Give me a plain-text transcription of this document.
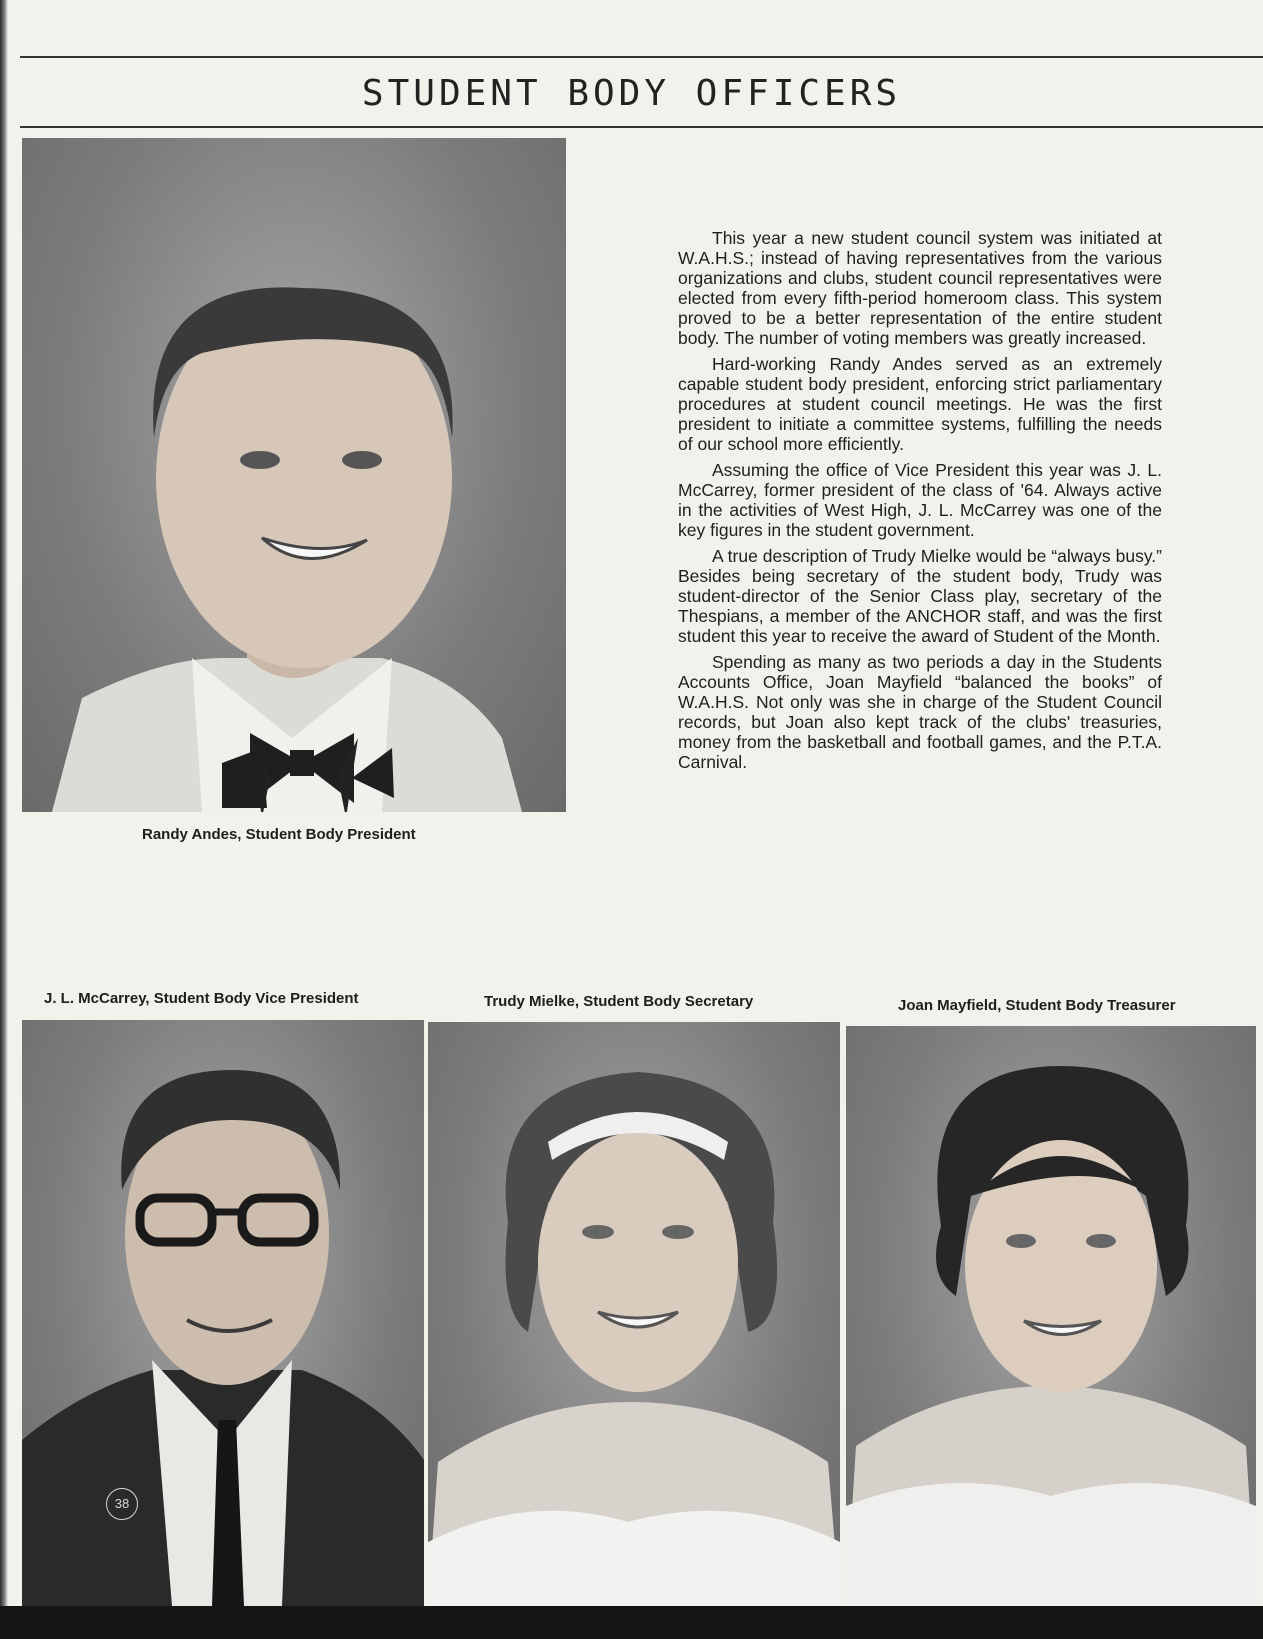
STUDENT BODY OFFICERS

Randy Andes, Student Body President

This year a new student council system was initiated at W.A.H.S.; instead of having representatives from the various organizations and clubs, student council representatives were elected from every fifth-period homeroom class. This system proved to be a better representation of the entire student body. The number of voting members was greatly increased.

Hard-working Randy Andes served as an extremely capable student body president, enforcing strict parliamentary procedures at student council meetings. He was the first president to initiate a committee systems, fulfilling the needs of our school more efficiently.

Assuming the office of Vice President this year was J. L. McCarrey, former president of the class of '64. Always active in the activities of West High, J. L. McCarrey was one of the key figures in the student government.

A true description of Trudy Mielke would be “always busy.” Besides being secretary of the student body, Trudy was student-director of the Senior Class play, secretary of the Thespians, a member of the ANCHOR staff, and was the first student this year to receive the award of Student of the Month.

Spending as many as two periods a day in the Students Accounts Office, Joan Mayfield “balanced the books” of W.A.H.S. Not only was she in charge of the Student Council records, but Joan also kept track of the clubs' treasuries, money from the basketball and football games, and the P.T.A. Carnival.

J. L. McCarrey, Student Body Vice President	Trudy Mielke, Student Body Secretary	Joan Mayfield, Student Body Treasurer

38
